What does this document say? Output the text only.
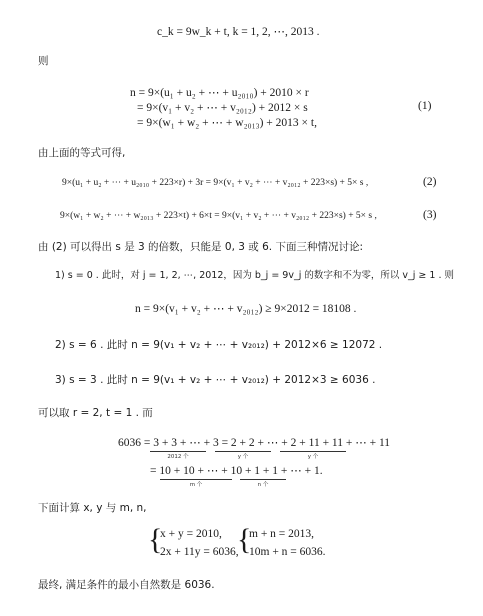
c_k = 9w_k + t, k = 1, 2, ⋯, 2013 .
则
n = 9×(u₁ + u₂ + ⋯ + u₂₀₁₀) + 2010 × r
= 9×(v₁ + v₂ + ⋯ + v₂₀₁₂) + 2012 × s
= 9×(w₁ + w₂ + ⋯ + w₂₀₁₃) + 2013 × t,
(1)
由上面的等式可得,
9×(u₁ + u₂ + ⋯ + u₂₀₁₀ + 223×r) + 3r = 9×(v₁ + v₂ + ⋯ + v₂₀₁₂ + 223×s) + 5× s ,	(2)
9×(w₁ + w₂ + ⋯ + w₂₀₁₃ + 223×t) + 6×t = 9×(v₁ + v₂ + ⋯ + v₂₀₁₂ + 223×s) + 5× s ,	(3)
由 (2) 可以得出 s 是 3 的倍数，只能是 0, 3 或 6. 下面三种情况讨论:
1) s = 0 . 此时，对 j = 1, 2, ⋯, 2012，因为 b_j = 9v_j 的数字和不为零，所以 v_j ≥ 1 . 则
n = 9×(v₁ + v₂ + ⋯ + v₂₀₁₂) ≥ 9×2012 = 18108 .
2) s = 6 . 此时 n = 9(v₁ + v₂ + ⋯ + v₂₀₁₂) + 2012×6 ≥ 12072 .
3) s = 3 . 此时 n = 9(v₁ + v₂ + ⋯ + v₂₀₁₂) + 2012×3 ≥ 6036 .
可以取 r = 2, t = 1 . 而
6036 = 3 + 3 + ⋯ + 3 = 2 + 2 + ⋯ + 2 + 11 + 11 + ⋯ + 11
2012 个	y 个	y 个
= 10 + 10 + ⋯ + 10 + 1 + 1 + ⋯ + 1.
m 个	n 个
下面计算 x, y 与 m, n,
{
x + y = 2010,
2x + 11y = 6036,
{
m + n = 2013,
10m + n = 6036.
最终, 满足条件的最小自然数是 6036.
